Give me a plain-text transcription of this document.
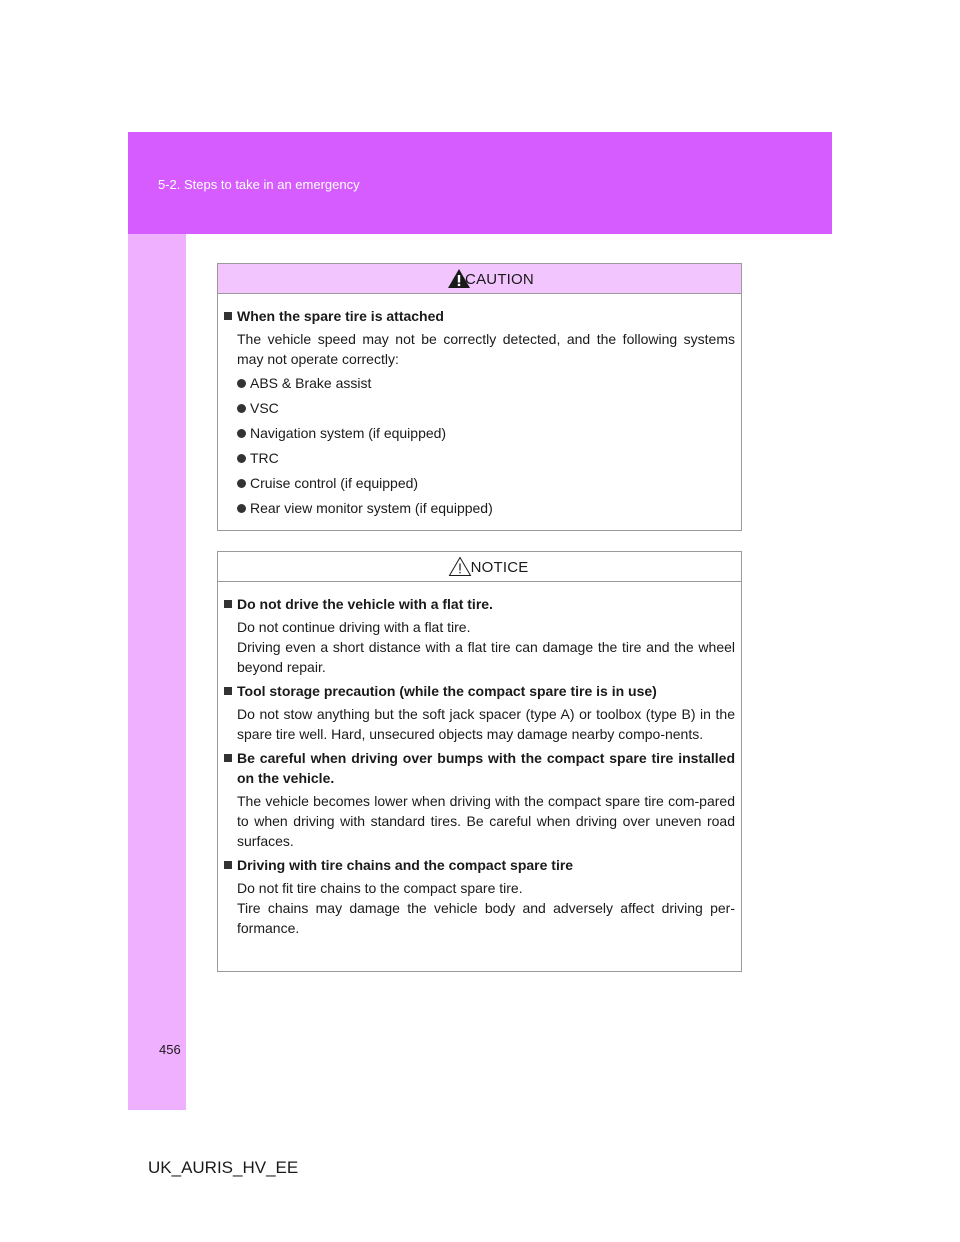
5-2. Steps to take in an emergency
CAUTION
When the spare tire is attached

The vehicle speed may not be correctly detected, and the following systems may not operate correctly:

ABS & Brake assist
VSC
Navigation system (if equipped)
TRC
Cruise control (if equipped)
Rear view monitor system (if equipped)
NOTICE
Do not drive the vehicle with a flat tire.

Do not continue driving with a flat tire.

Driving even a short distance with a flat tire can damage the tire and the wheel beyond repair.

Tool storage precaution (while the compact spare tire is in use)

Do not stow anything but the soft jack spacer (type A) or toolbox (type B) in the spare tire well. Hard, unsecured objects may damage nearby compo-nents.

Be careful when driving over bumps with the compact spare tire installed on the vehicle.

The vehicle becomes lower when driving with the compact spare tire com-pared to when driving with standard tires. Be careful when driving over uneven road surfaces.

Driving with tire chains and the compact spare tire

Do not fit tire chains to the compact spare tire.

Tire chains may damage the vehicle body and adversely affect driving per-formance.

456
UK_AURIS_HV_EE
